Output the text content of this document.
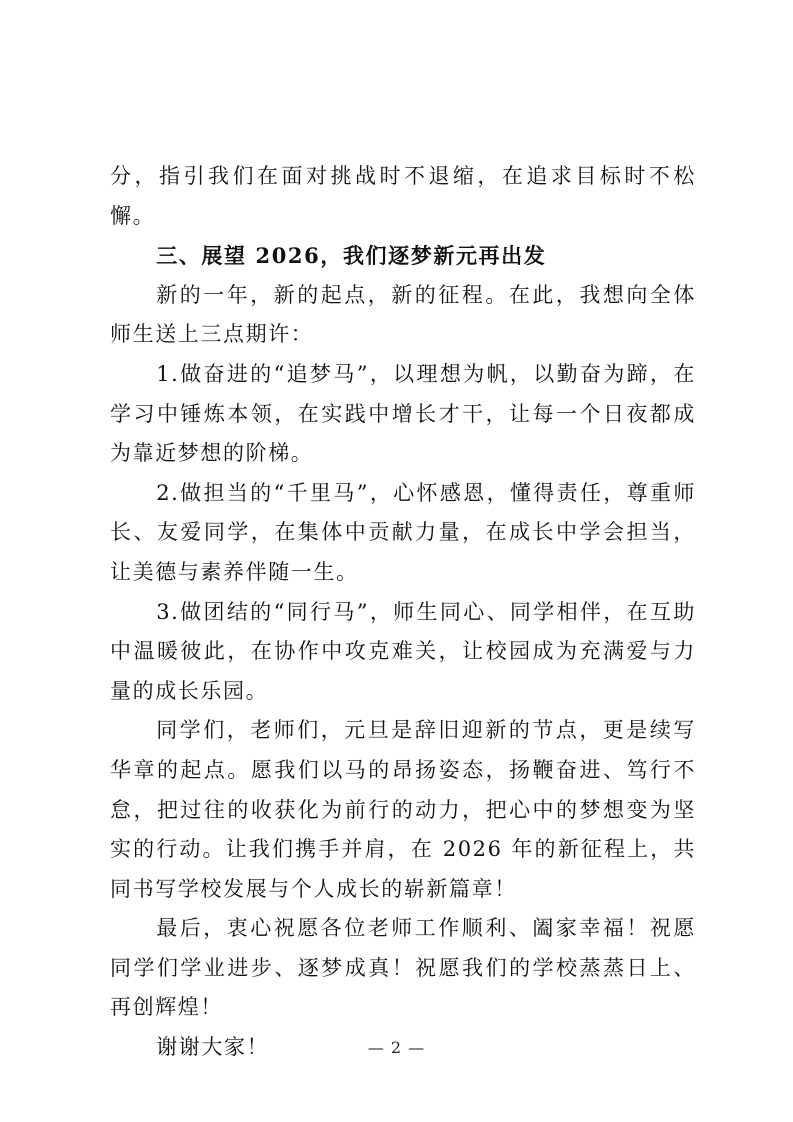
分，指引我们在面对挑战时不退缩，在追求目标时不松懈。

三、展望 2026，我们逐梦新元再出发

新的一年，新的起点，新的征程。在此，我想向全体师生送上三点期许：

1.做奋进的“追梦马”，以理想为帆，以勤奋为蹄，在学习中锤炼本领，在实践中增长才干，让每一个日夜都成为靠近梦想的阶梯。

2.做担当的“千里马”，心怀感恩，懂得责任，尊重师长、友爱同学，在集体中贡献力量，在成长中学会担当，让美德与素养伴随一生。

3.做团结的“同行马”，师生同心、同学相伴，在互助中温暖彼此，在协作中攻克难关，让校园成为充满爱与力量的成长乐园。

同学们，老师们，元旦是辞旧迎新的节点，更是续写华章的起点。愿我们以马的昂扬姿态，扬鞭奋进、笃行不怠，把过往的收获化为前行的动力，把心中的梦想变为坚实的行动。让我们携手并肩，在 2026 年的新征程上，共同书写学校发展与个人成长的崭新篇章！

最后，衷心祝愿各位老师工作顺利、阖家幸福！祝愿同学们学业进步、逐梦成真！祝愿我们的学校蒸蒸日上、再创辉煌！

谢谢大家！	— 2 —
